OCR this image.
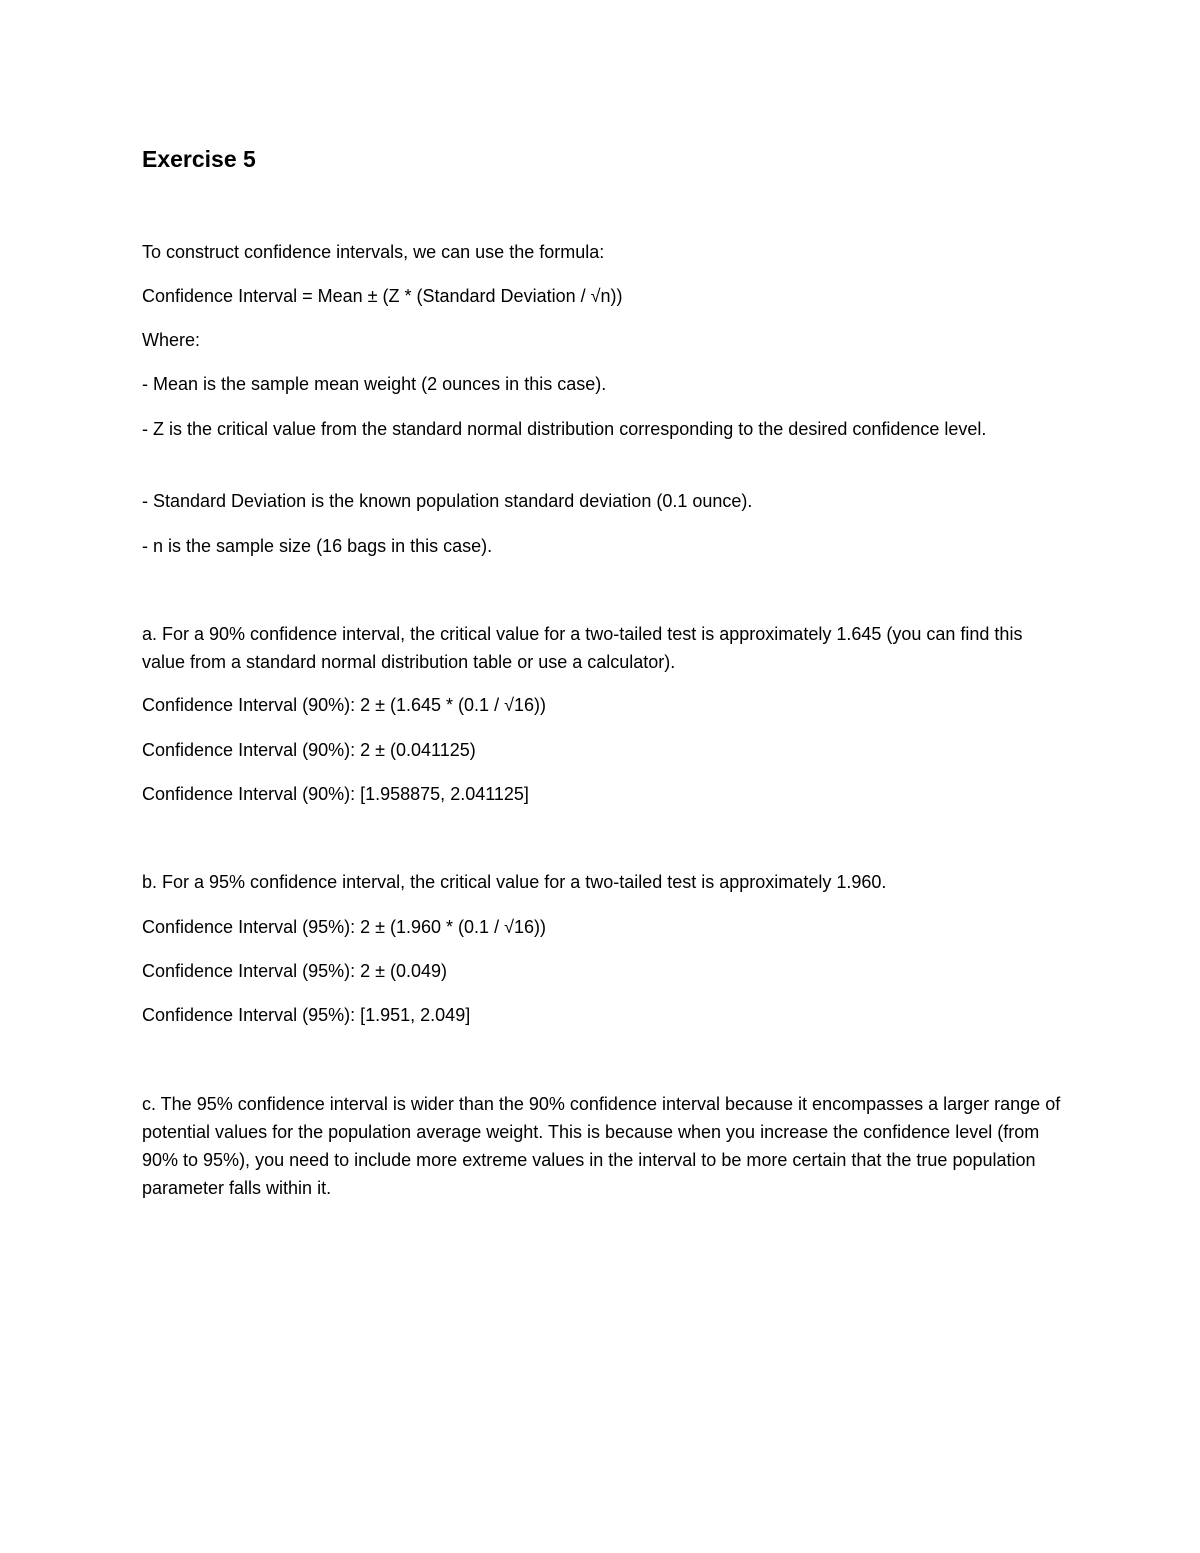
Exercise 5
To construct confidence intervals, we can use the formula:
Confidence Interval = Mean ± (Z * (Standard Deviation / √n))
Where:
- Mean is the sample mean weight (2 ounces in this case).
- Z is the critical value from the standard normal distribution corresponding to the desired confidence level.
- Standard Deviation is the known population standard deviation (0.1 ounce).
- n is the sample size (16 bags in this case).
a. For a 90% confidence interval, the critical value for a two-tailed test is approximately 1.645 (you can find this value from a standard normal distribution table or use a calculator).
Confidence Interval (90%): 2 ± (1.645 * (0.1 / √16))
Confidence Interval (90%): 2 ± (0.041125)
Confidence Interval (90%): [1.958875, 2.041125]
b. For a 95% confidence interval, the critical value for a two-tailed test is approximately 1.960.
Confidence Interval (95%): 2 ± (1.960 * (0.1 / √16))
Confidence Interval (95%): 2 ± (0.049)
Confidence Interval (95%): [1.951, 2.049]
c. The 95% confidence interval is wider than the 90% confidence interval because it encompasses a larger range of potential values for the population average weight. This is because when you increase the confidence level (from 90% to 95%), you need to include more extreme values in the interval to be more certain that the true population parameter falls within it.
